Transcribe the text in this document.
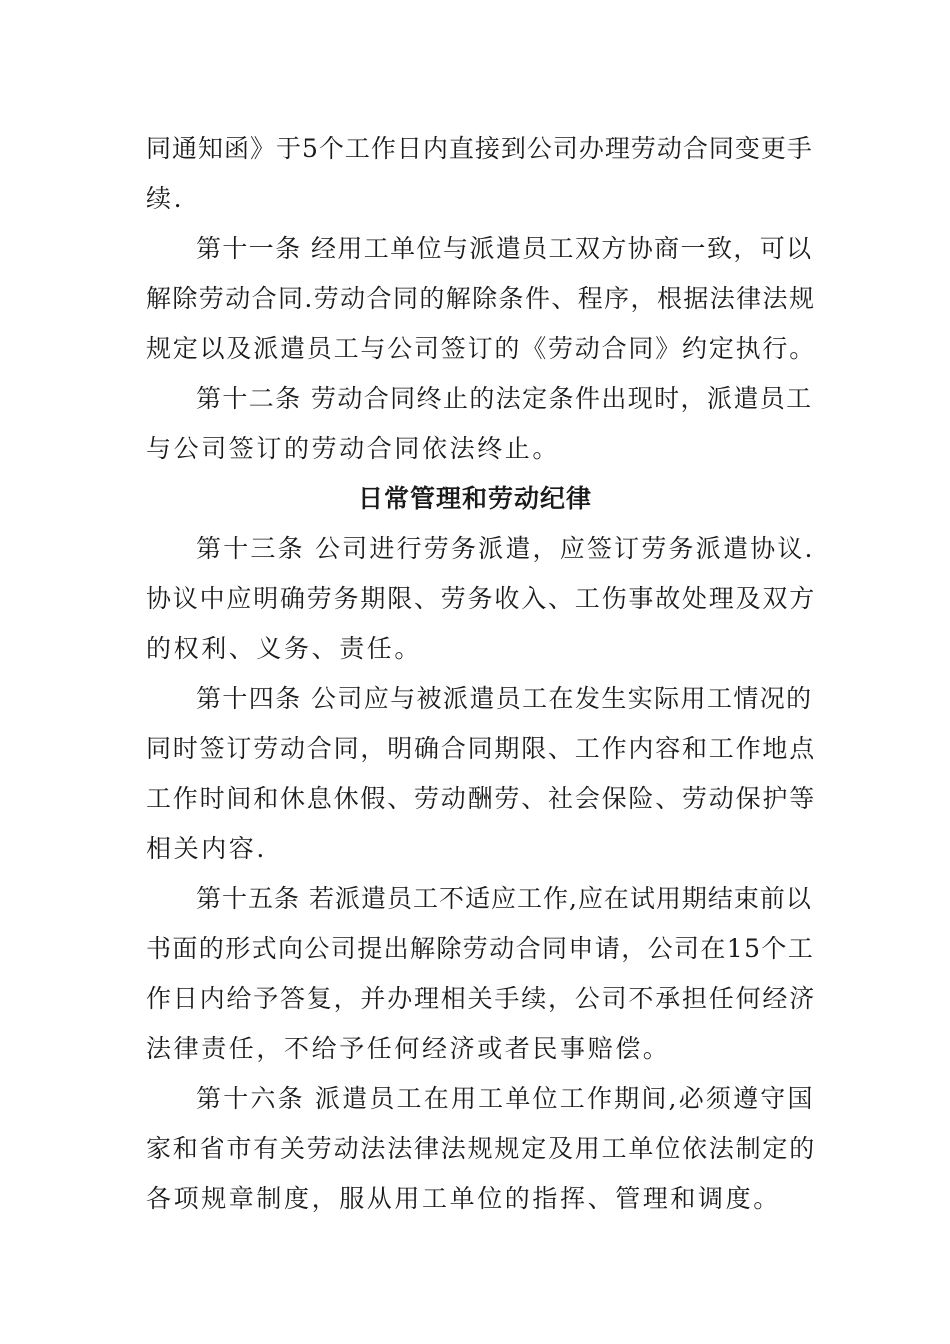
同通知函》于5个工作日内直接到公司办理劳动合同变更手
续.
第十一条 经用工单位与派遣员工双方协商一致，可以
解除劳动合同.劳动合同的解除条件、程序，根据法律法规
规定以及派遣员工与公司签订的《劳动合同》约定执行。
第十二条 劳动合同终止的法定条件出现时，派遣员工
与公司签订的劳动合同依法终止。
日常管理和劳动纪律
第十三条 公司进行劳务派遣，应签订劳务派遣协议.
协议中应明确劳务期限、劳务收入、工伤事故处理及双方
的权利、义务、责任。
第十四条 公司应与被派遣员工在发生实际用工情况的
同时签订劳动合同，明确合同期限、工作内容和工作地点
工作时间和休息休假、劳动酬劳、社会保险、劳动保护等
相关内容.
第十五条 若派遣员工不适应工作,应在试用期结束前以
书面的形式向公司提出解除劳动合同申请，公司在15个工
作日内给予答复，并办理相关手续，公司不承担任何经济
法律责任，不给予任何经济或者民事赔偿。
第十六条 派遣员工在用工单位工作期间,必须遵守国
家和省市有关劳动法法律法规规定及用工单位依法制定的
各项规章制度，服从用工单位的指挥、管理和调度。
